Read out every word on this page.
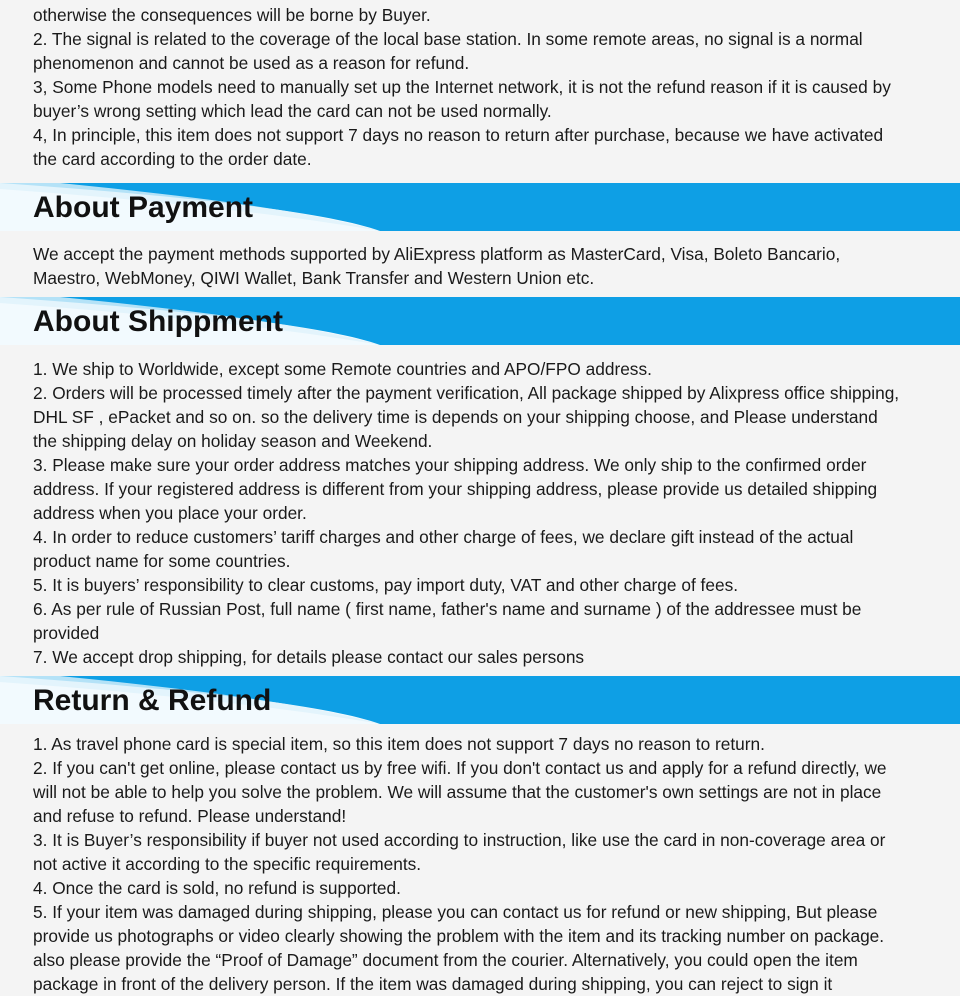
otherwise the consequences will be borne by Buyer.

2. The signal is related to the coverage of the local base station. In some remote areas, no signal is a normal

phenomenon and cannot be used as a reason for refund.

3, Some Phone models need to manually set up the Internet network, it is not the refund reason if it is caused by

buyer’s wrong setting which lead the card can not be used normally.

4, In principle, this item does not support 7 days no reason to return after purchase, because we have activated

the card according to the order date.

About Payment

We accept the payment methods supported by AliExpress platform as MasterCard, Visa, Boleto Bancario,

Maestro, WebMoney, QIWI Wallet, Bank Transfer and Western Union etc.

About Shippment

1. We ship to Worldwide, except some Remote countries and APO/FPO address.

2. Orders will be processed timely after the payment verification, All package shipped by Alixpress office shipping,

DHL SF , ePacket and so on. so the delivery time is depends on your shipping choose, and Please understand

the shipping delay on holiday season and Weekend.

3. Please make sure your order address matches your shipping address. We only ship to the confirmed order

address. If your registered address is different from your shipping address, please provide us detailed shipping

address when you place your order.

4. In order to reduce customers’ tariff charges and other charge of fees, we declare gift instead of the actual

product name for some countries.

5. It is buyers’ responsibility to clear customs, pay import duty, VAT and other charge of fees.

6. As per rule of Russian Post, full name ( first name, father's name and surname ) of the addressee must be

provided

7. We accept drop shipping, for details please contact our sales persons

Return & Refund

1. As travel phone card is special item, so this item does not support 7 days no reason to return.

2. If you can't get online, please contact us by free wifi. If you don't contact us and apply for a refund directly, we

will not be able to help you solve the problem. We will assume that the customer's own settings are not in place

and refuse to refund. Please understand!

3. It is Buyer’s responsibility if buyer not used according to instruction, like use the card in non-coverage area or

not active it according to the specific requirements.

4. Once the card is sold, no refund is supported.

5. If your item was damaged during shipping, please you can contact us for refund or new shipping, But please

provide us photographs or video clearly showing the problem with the item and its tracking number on package.

also please provide the “Proof of Damage” document from the courier. Alternatively, you could open the item

package in front of the delivery person. If the item was damaged during shipping, you can reject to sign it
